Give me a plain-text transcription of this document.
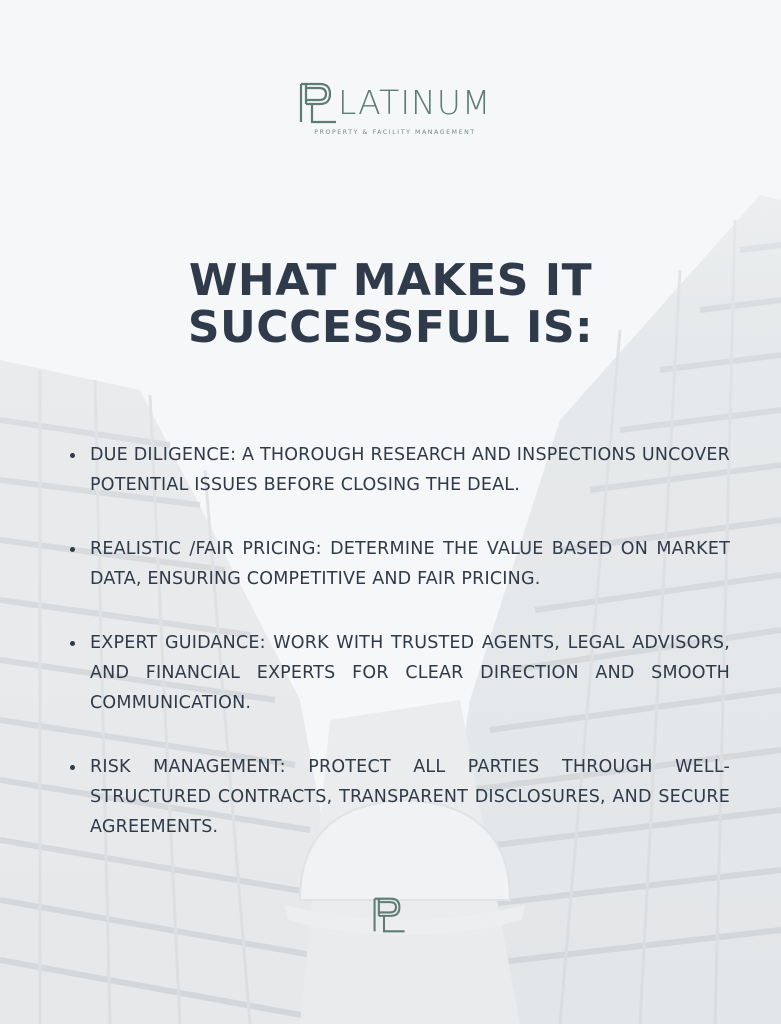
LATINUM
PROPERTY & FACILITY MANAGEMENT
WHAT MAKES IT
SUCCESSFUL IS:
DUE DILIGENCE: A THOROUGH RESEARCH AND INSPECTIONS UNCOVER POTENTIAL ISSUES BEFORE CLOSING THE DEAL.
REALISTIC /FAIR PRICING: DETERMINE THE VALUE BASED ON MARKET DATA, ENSURING COMPETITIVE AND FAIR PRICING.
EXPERT GUIDANCE: WORK WITH TRUSTED AGENTS, LEGAL ADVISORS, AND FINANCIAL EXPERTS FOR CLEAR DIRECTION AND SMOOTH COMMUNICATION.
RISK MANAGEMENT: PROTECT ALL PARTIES THROUGH WELL-STRUCTURED CONTRACTS, TRANSPARENT DISCLOSURES, AND SECURE AGREEMENTS.
